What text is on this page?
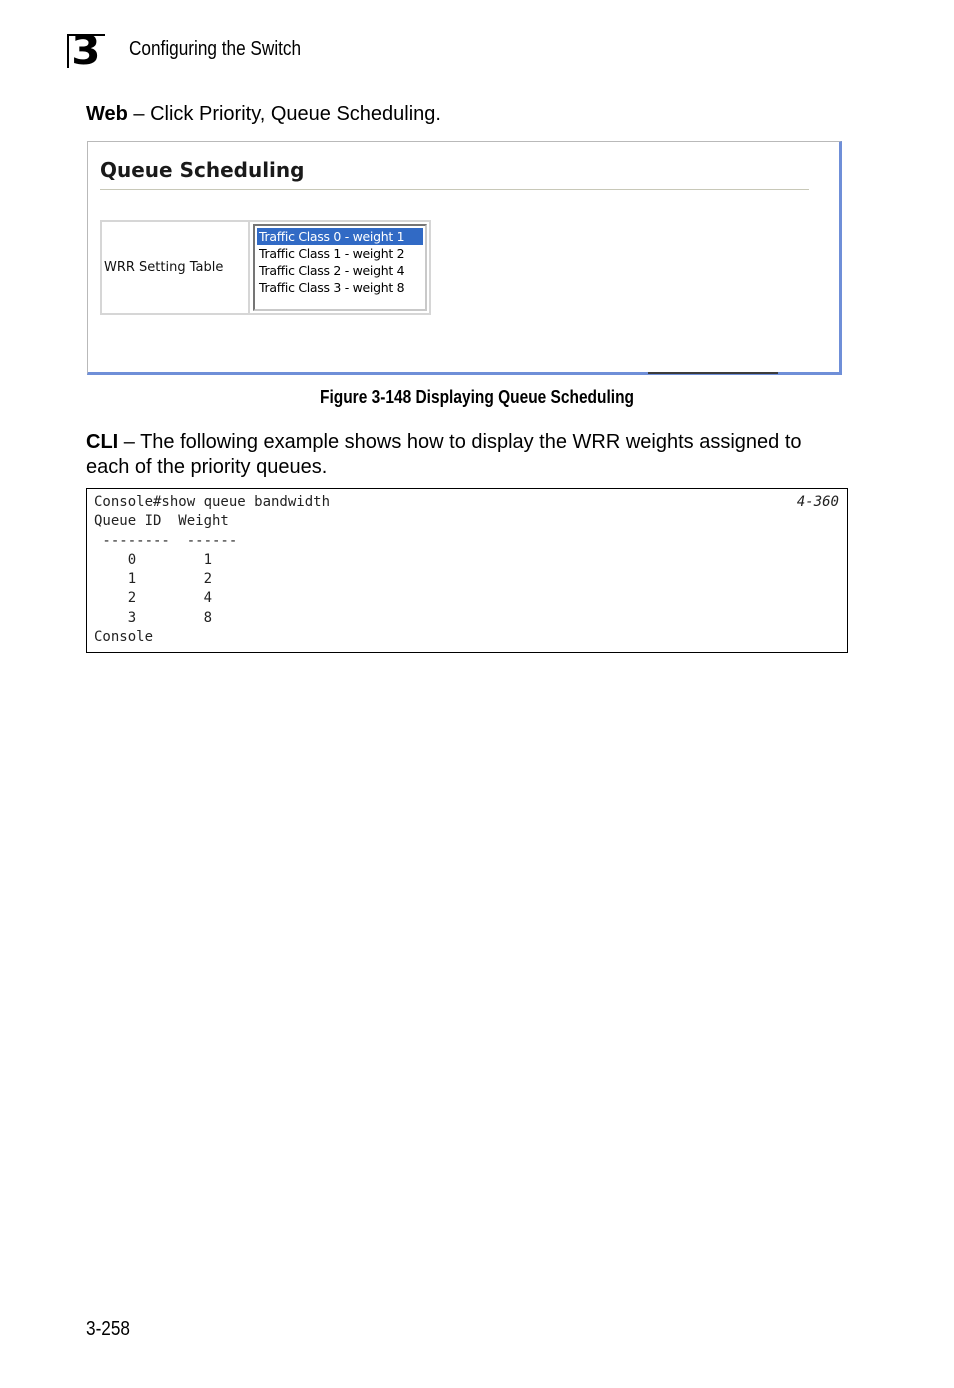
3 Configuring the Switch
Web – Click Priority, Queue Scheduling.
Queue Scheduling
WRR Setting Table
Traffic Class 0 - weight 1
Traffic Class 1 - weight 2
Traffic Class 2 - weight 4
Traffic Class 3 - weight 8
Figure 3-148 Displaying Queue Scheduling
CLI – The following example shows how to display the WRR weights assigned to each of the priority queues.
4-360
Console#show queue bandwidth
Queue ID  Weight
--------  ------
0        1
1        2
2        4
3        8
Console
3-258
